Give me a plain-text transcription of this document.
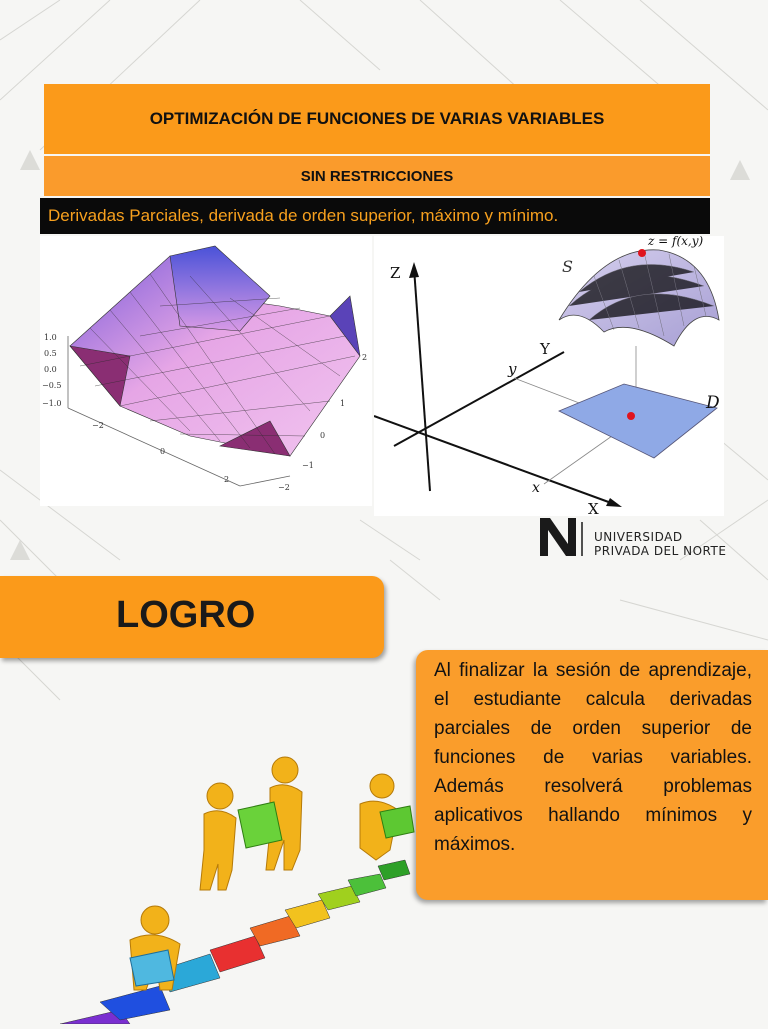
OPTIMIZACIÓN DE FUNCIONES DE VARIAS VARIABLES
SIN RESTRICCIONES
Derivadas Parciales, derivada de orden superior, máximo y mínimo.
1.0
0.5
0.0
−0.5
−1.0
−2
0
2
2
1
0
−1
−2
Z
Y
y
X
x
S
z = f(x,y)
D
UNIVERSIDAD
PRIVADA DEL NORTE
LOGRO

Al finalizar la sesión de aprendizaje, el estudiante calcula derivadas parciales de orden superior de funciones de varias variables. Además resolverá problemas aplicativos hallando mínimos y máximos.
